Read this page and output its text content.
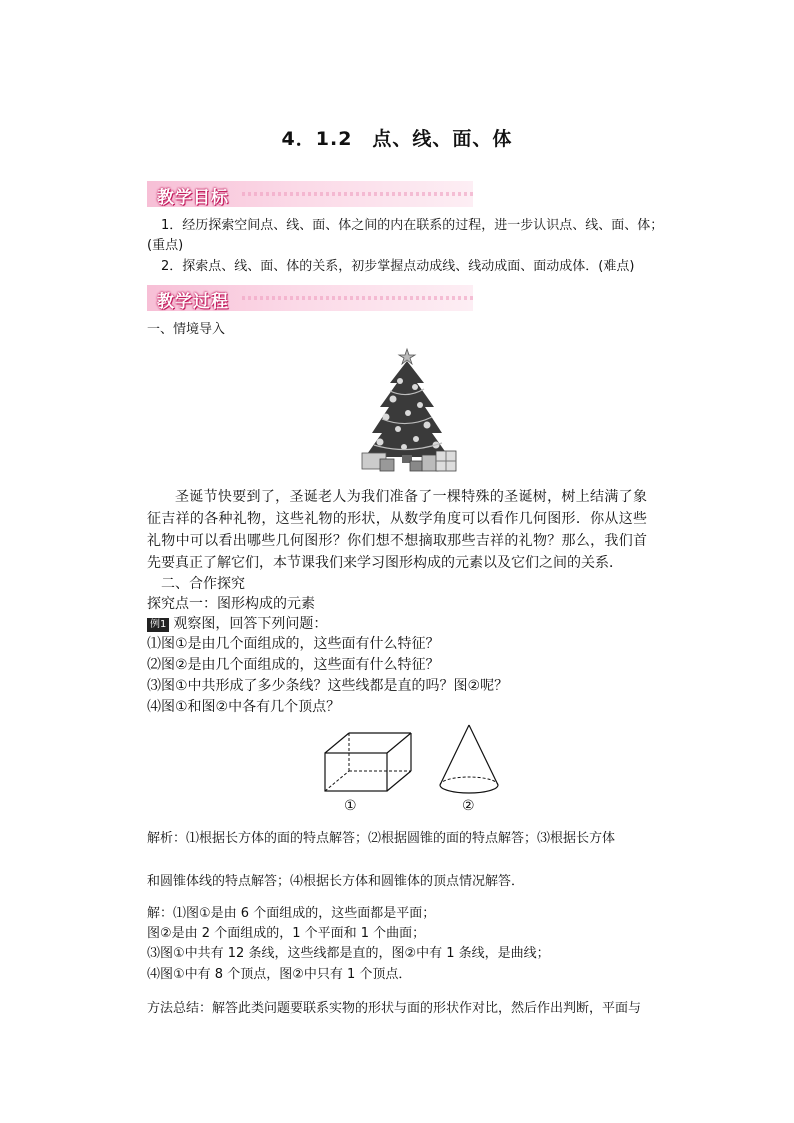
4．1.2　点、线、面、体
教学目标
1．经历探索空间点、线、面、体之间的内在联系的过程，进一步认识点、线、面、体；
(重点)
2．探索点、线、面、体的关系，初步掌握点动成线、线动成面、面动成体．(难点)
教学过程
一、情境导入
圣诞节快要到了，圣诞老人为我们准备了一棵特殊的圣诞树，树上结满了象征吉祥的各种礼物，这些礼物的形状，从数学角度可以看作几何图形．你从这些礼物中可以看出哪些几何图形？你们想不想摘取那些吉祥的礼物？那么，我们首先要真正了解它们，本节课我们来学习图形构成的元素以及它们之间的关系．
二、合作探究
探究点一：图形构成的元素
例1 观察图，回答下列问题：
⑴图①是由几个面组成的，这些面有什么特征？
⑵图②是由几个面组成的，这些面有什么特征？
⑶图①中共形成了多少条线？这些线都是直的吗？图②呢？
⑷图①和图②中各有几个顶点？
①	②
解析：⑴根据长方体的面的特点解答；⑵根据圆锥的面的特点解答；⑶根据长方体
和圆锥体线的特点解答；⑷根据长方体和圆锥体的顶点情况解答．
解：⑴图①是由 6 个面组成的，这些面都是平面；
图②是由 2 个面组成的，1 个平面和 1 个曲面；
⑶图①中共有 12 条线，这些线都是直的，图②中有 1 条线，是曲线；
⑷图①中有 8 个顶点，图②中只有 1 个顶点．
方法总结：解答此类问题要联系实物的形状与面的形状作对比，然后作出判断，平面与
